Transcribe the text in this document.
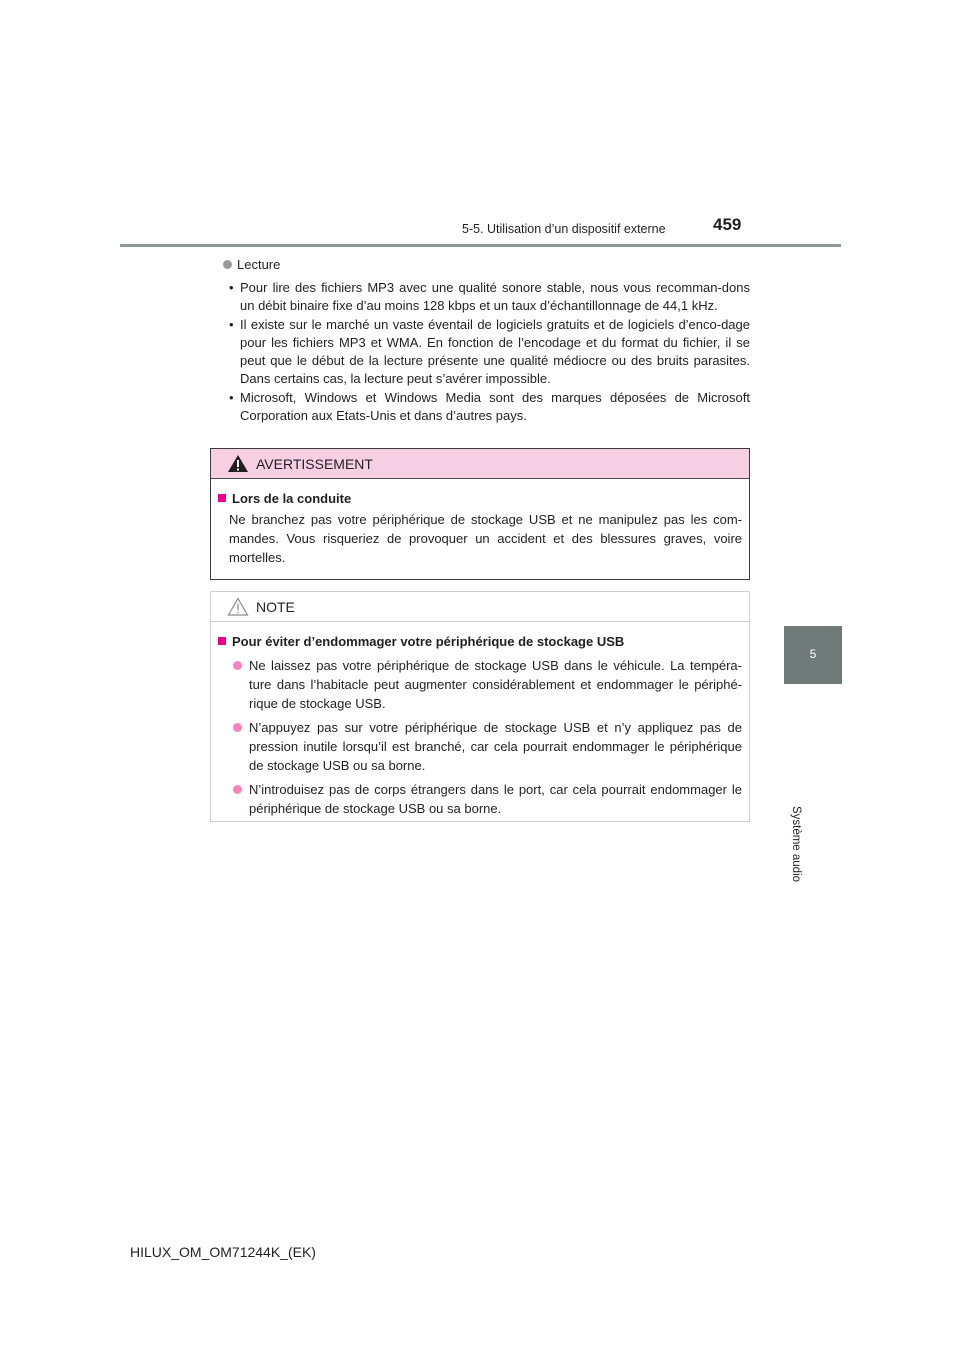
5-5. Utilisation d’un dispositif externe	459
5
Système audio
Lecture
• Pour lire des fichiers MP3 avec une qualité sonore stable, nous vous recomman-dons un débit binaire fixe d’au moins 128 kbps et un taux d’échantillonnage de 44,1 kHz.
• Il existe sur le marché un vaste éventail de logiciels gratuits et de logiciels d’enco-dage pour les fichiers MP3 et WMA. En fonction de l’encodage et du format du fichier, il se peut que le début de la lecture présente une qualité médiocre ou des bruits parasites. Dans certains cas, la lecture peut s’avérer impossible.
• Microsoft, Windows et Windows Media sont des marques déposées de Microsoft Corporation aux Etats-Unis et dans d’autres pays.
AVERTISSEMENT
Lors de la conduite

Ne branchez pas votre périphérique de stockage USB et ne manipulez pas les com-mandes. Vous risqueriez de provoquer un accident et des blessures graves, voire mortelles.

NOTE
Pour éviter d’endommager votre périphérique de stockage USB
Ne laissez pas votre périphérique de stockage USB dans le véhicule. La tempéra-ture dans l’habitacle peut augmenter considérablement et endommager le périphé-rique de stockage USB.
N’appuyez pas sur votre périphérique de stockage USB et n’y appliquez pas de pression inutile lorsqu’il est branché, car cela pourrait endommager le périphérique de stockage USB ou sa borne.
N’introduisez pas de corps étrangers dans le port, car cela pourrait endommager le périphérique de stockage USB ou sa borne.
HILUX_OM_OM71244K_(EK)
